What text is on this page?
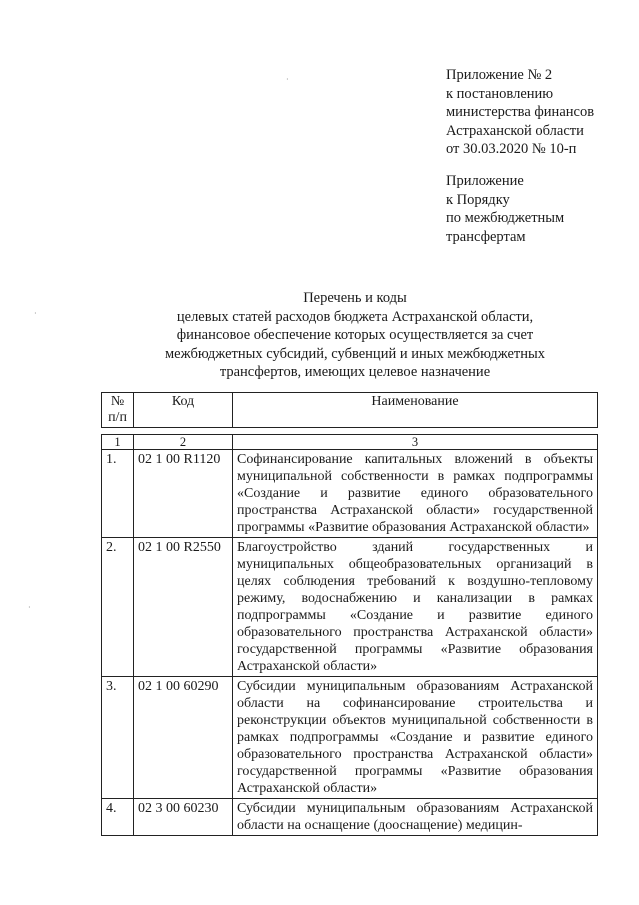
Приложение № 2
к постановлению
министерства финансов
Астраханской области
от 30.03.2020 № 10-п
Приложение
к Порядку
по межбюджетным
трансфертам
Перечень и коды
целевых статей расходов бюджета Астраханской области,
финансовое обеспечение которых осуществляется за счет
межбюджетных субсидий, субвенций и иных межбюджетных
трансфертов, имеющих целевое назначение
№
п/п	Код	Наименование

1	2	3
1.	02 1 00 R1120	Софинансирование капитальных вложений в объекты муниципальной собственности в рамках подпрограммы «Создание и развитие единого образовательного пространства Астраханской области» государственной программы «Развитие образования Астраханской области»
2.	02 1 00 R2550	Благоустройство зданий государственных и муниципальных общеобразовательных организаций в целях соблюдения требований к воздушно-тепловому режиму, водоснабжению и канализации в рамках подпрограммы «Создание и развитие единого образовательного пространства Астраханской области» государственной программы «Развитие образования Астраханской области»
3.	02 1 00 60290	Субсидии муниципальным образованиям Астраханской области на софинансирование строительства и реконструкции объектов муниципальной собственности в рамках подпрограммы «Создание и развитие единого образовательного пространства Астраханской области» государственной программы «Развитие образования Астраханской области»
4.	02 3 00 60230	Субсидии муниципальным образованиям Астраханской области на оснащение (дооснащение) медицин-
·
·
·
